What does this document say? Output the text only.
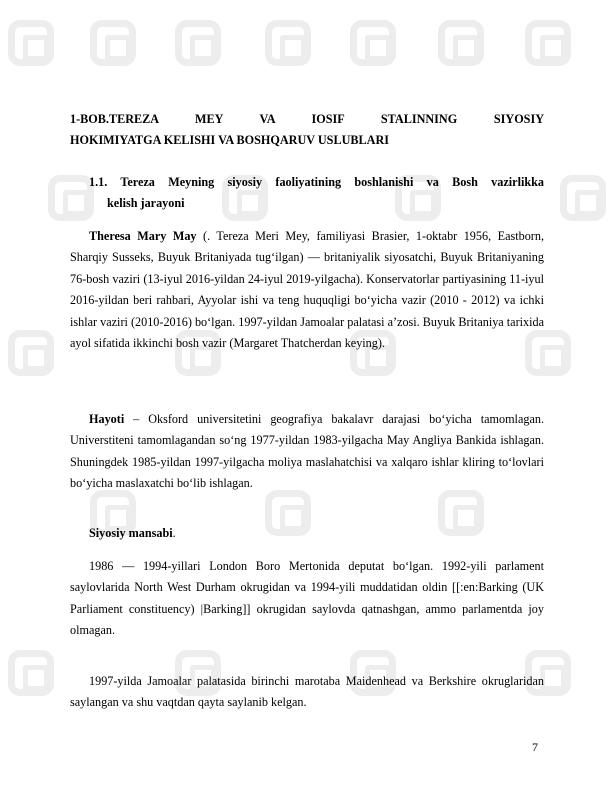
1-BOB.TEREZA MEY VA IOSIF STALINNING SIYOSIY

HOKIMIYATGA KELISHI VA BOSHQARUV USLUBLARI

1.1. Tereza Meyning siyosiy faoliyatining boshlanishi va Bosh vazirlikka

kelish jarayoni

Theresa Mary May (. Tereza Meri Mey, familiyasi Brasier, 1-oktabr 1956, Eastborn, Sharqiy Susseks, Buyuk Britaniyada tug‘ilgan) — britaniyalik siyosatchi, Buyuk Britaniyaning 76-bosh vaziri (13-iyul 2016-yildan 24-iyul 2019-yilgacha). Konservatorlar partiyasining 11-iyul 2016-yildan beri rahbari, Ayyolar ishi va teng huquqligi bo‘yicha vazir (2010 - 2012) va ichki ishlar vaziri (2010-2016) bo‘lgan. 1997-yildan Jamoalar palatasi a’zosi. Buyuk Britaniya tarixida ayol sifatida ikkinchi bosh vazir (Margaret Thatcherdan keying).

Hayoti – Oksford universitetini geografiya bakalavr darajasi bo‘yicha tamomlagan. Universtiteni tamomlagandan so‘ng 1977-yildan 1983-yilgacha May Angliya Bankida ishlagan. Shuningdek 1985-yildan 1997-yilgacha moliya maslahatchisi va xalqaro ishlar kliring to‘lovlari bo‘yicha maslaxatchi bo‘lib ishlagan.

Siyosiy mansabi.

1986 — 1994-yillari London Boro Mertonida deputat bo‘lgan. 1992-yili parlament saylovlarida North West Durham okrugidan va 1994-yili muddatidan oldin [[:en:Barking (UK Parliament constituency) |Barking]] okrugidan saylovda qatnashgan, ammo parlamentda joy olmagan.

1997-yilda Jamoalar palatasida birinchi marotaba Maidenhead va Berkshire okruglaridan saylangan va shu vaqtdan qayta saylanib kelgan.

7
